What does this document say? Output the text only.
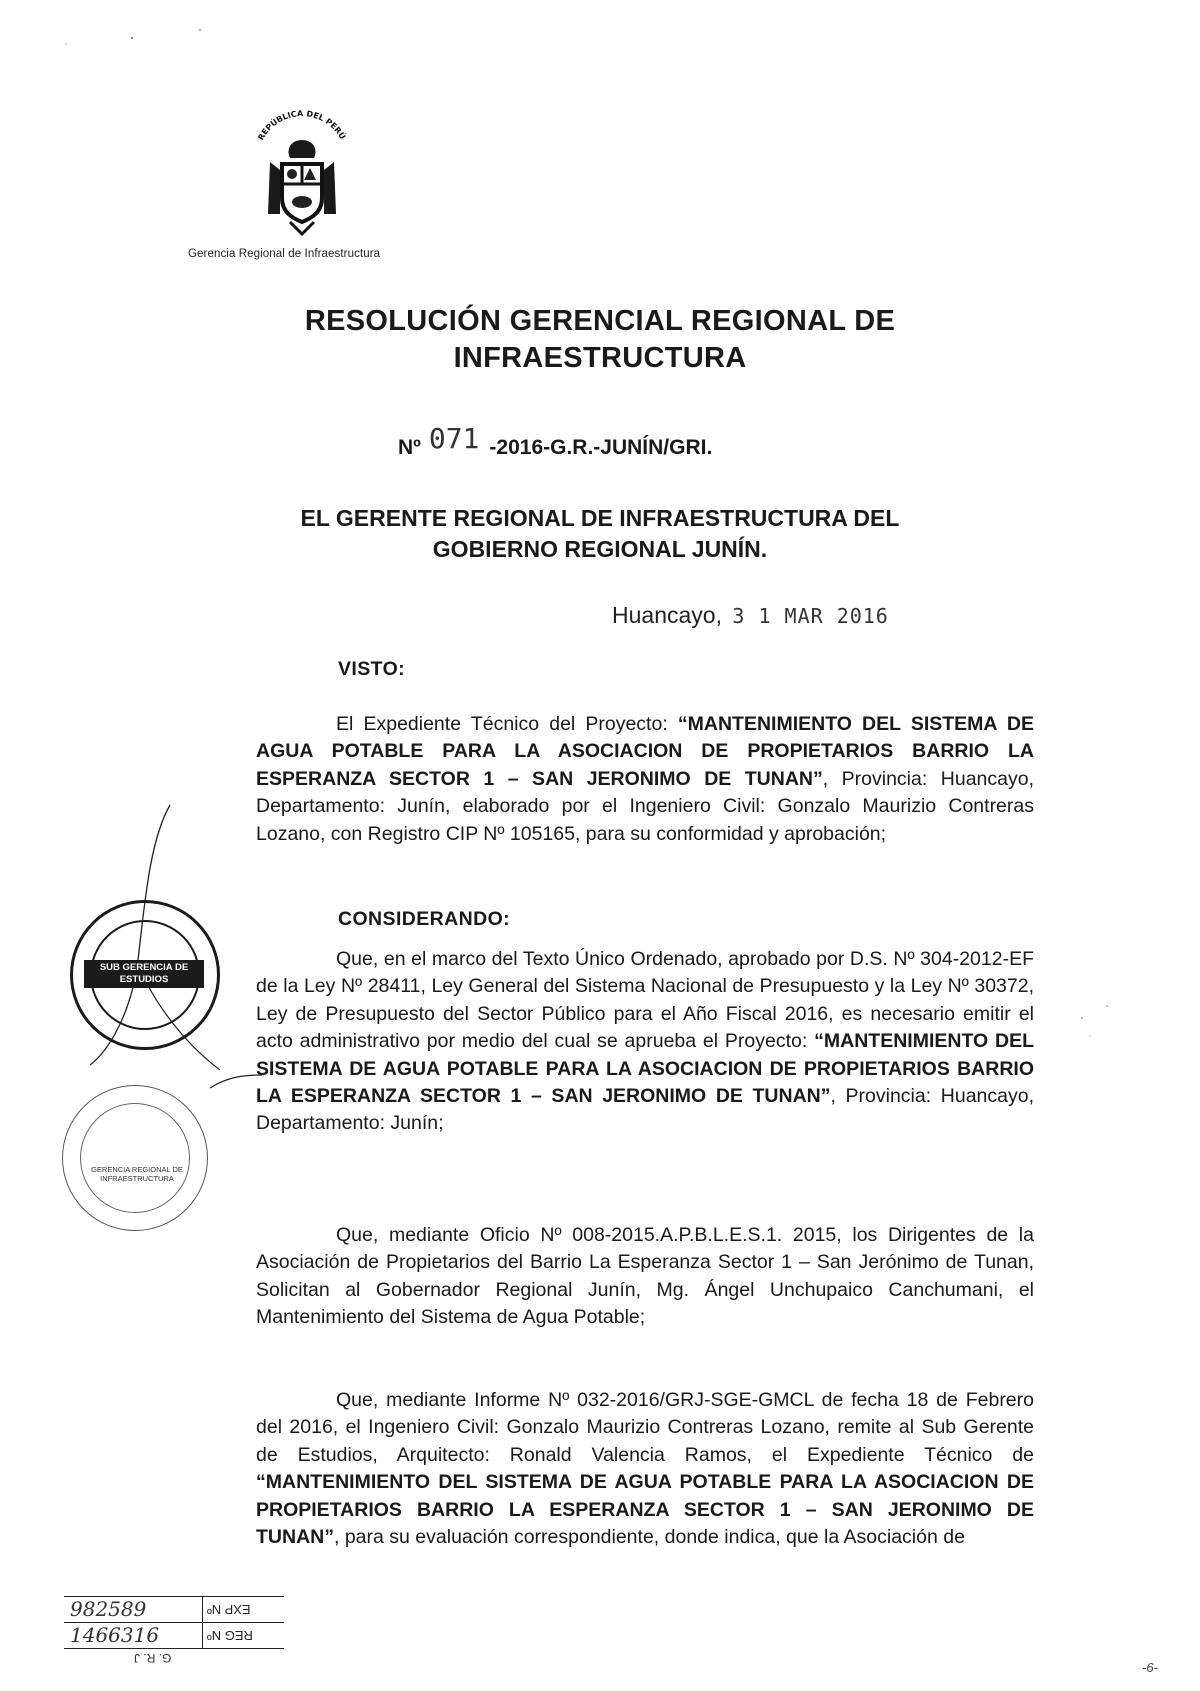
REPÚBLICA DEL PERÚ
Gerencia Regional de Infraestructura
RESOLUCIÓN GERENCIAL REGIONAL DE
INFRAESTRUCTURA
Nº 071 -2016-G.R.-JUNÍN/GRI.
EL GERENTE REGIONAL DE INFRAESTRUCTURA DEL
GOBIERNO REGIONAL JUNÍN.
Huancayo, 3 1 MAR 2016
VISTO:
El Expediente Técnico del Proyecto: “MANTENIMIENTO DEL SISTEMA DE AGUA POTABLE PARA LA ASOCIACION DE PROPIETARIOS BARRIO LA ESPERANZA SECTOR 1 – SAN JERONIMO DE TUNAN”, Provincia: Huancayo, Departamento: Junín, elaborado por el Ingeniero Civil: Gonzalo Maurizio Contreras Lozano, con Registro CIP Nº 105165, para su conformidad y aprobación;
CONSIDERANDO:
Que, en el marco del Texto Único Ordenado, aprobado por D.S. Nº 304-2012-EF de la Ley Nº 28411, Ley General del Sistema Nacional de Presupuesto y la Ley Nº 30372, Ley de Presupuesto del Sector Público para el Año Fiscal 2016, es necesario emitir el acto administrativo por medio del cual se aprueba el Proyecto: “MANTENIMIENTO DEL SISTEMA DE AGUA POTABLE PARA LA ASOCIACION DE PROPIETARIOS BARRIO LA ESPERANZA SECTOR 1 – SAN JERONIMO DE TUNAN”, Provincia: Huancayo, Departamento: Junín;
Que, mediante Oficio Nº 008-2015.A.P.B.L.E.S.1. 2015, los Dirigentes de la Asociación de Propietarios del Barrio La Esperanza Sector 1 – San Jerónimo de Tunan, Solicitan al Gobernador Regional Junín, Mg. Ángel Unchupaico Canchumani, el Mantenimiento del Sistema de Agua Potable;
Que, mediante Informe Nº 032-2016/GRJ-SGE-GMCL de fecha 18 de Febrero del 2016, el Ingeniero Civil: Gonzalo Maurizio Contreras Lozano, remite al Sub Gerente de Estudios, Arquitecto: Ronald Valencia Ramos, el Expediente Técnico de “MANTENIMIENTO DEL SISTEMA DE AGUA POTABLE PARA LA ASOCIACION DE PROPIETARIOS BARRIO LA ESPERANZA SECTOR 1 – SAN JERONIMO DE TUNAN”, para su evaluación correspondiente, donde indica, que la Asociación de
SUB GERENCIA DE ESTUDIOS
GERENCIA REGIONAL DE INFRAESTRUCTURA
982589	EXP Nº
1466316	REG Nº
G. R. J
-6-
